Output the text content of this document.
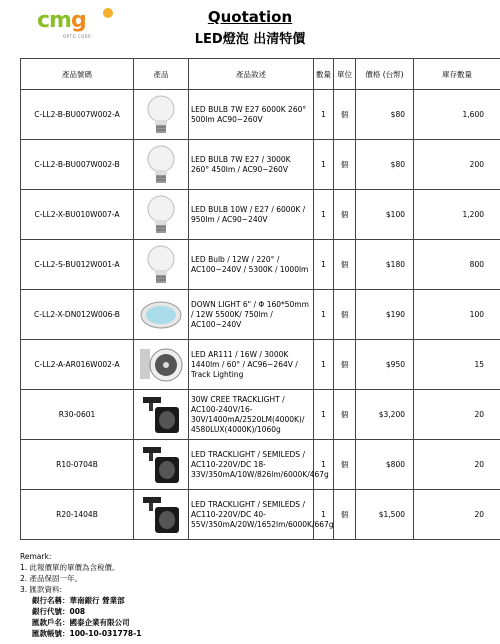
cmg
OPTO CORP.
Quotation
LED燈泡 出清特價
產品號碼	產品	產品敘述	數量	單位	價格 (台幣)	庫存數量
C-LL2-B-BU007W002-A		LED BULB 7W E27 6000K 260° 500lm AC90~260V	1	個	$80	1,600
C-LL2-B-BU007W002-B		LED BULB 7W E27 / 3000K 260° 450lm / AC90~260V	1	個	$80	200
C-LL2-X-BU010W007-A		LED BULB 10W / E27 / 6000K / 950lm / AC90~240V	1	個	$100	1,200
C-LL2-S-BU012W001-A		LED Bulb / 12W / 220° / AC100~240V / 5300K / 1000lm	1	個	$180	800
C-LL2-X-DN012W006-B		DOWN LIGHT 6" / Φ 160*50mm / 12W 5500K/ 750lm / AC100~240V	1	個	$190	100
C-LL2-A-AR016W002-A		LED AR111 / 16W / 3000K 1440lm / 60° / AC96~264V / Track Lighting	1	個	$950	15
R30-0601		30W CREE TRACKLIGHT / AC100-240V/16-30V/1400mA/2520LM(4000K)/ 4580LUX(4000K)/1060g	1	個	$3,200	20
R10-0704B		LED TRACKLIGHT / SEMILEDS / AC110-220V/DC 18-33V/350mA/10W/826lm/6000K/467g	1	個	$800	20
R20-1404B		LED TRACKLIGHT / SEMILEDS / AC110-220V/DC 40-55V/350mA/20W/1652lm/6000K/667g	1	個	$1,500	20
Remark:
1. 此報價單的單價為含稅價。
2. 產品保固一年。
3. 匯款資料:
銀行名稱：華南銀行 營業部
銀行代號：008
匯款戶名：國泰企業有限公司
匯款帳號：100-10-031778-1
